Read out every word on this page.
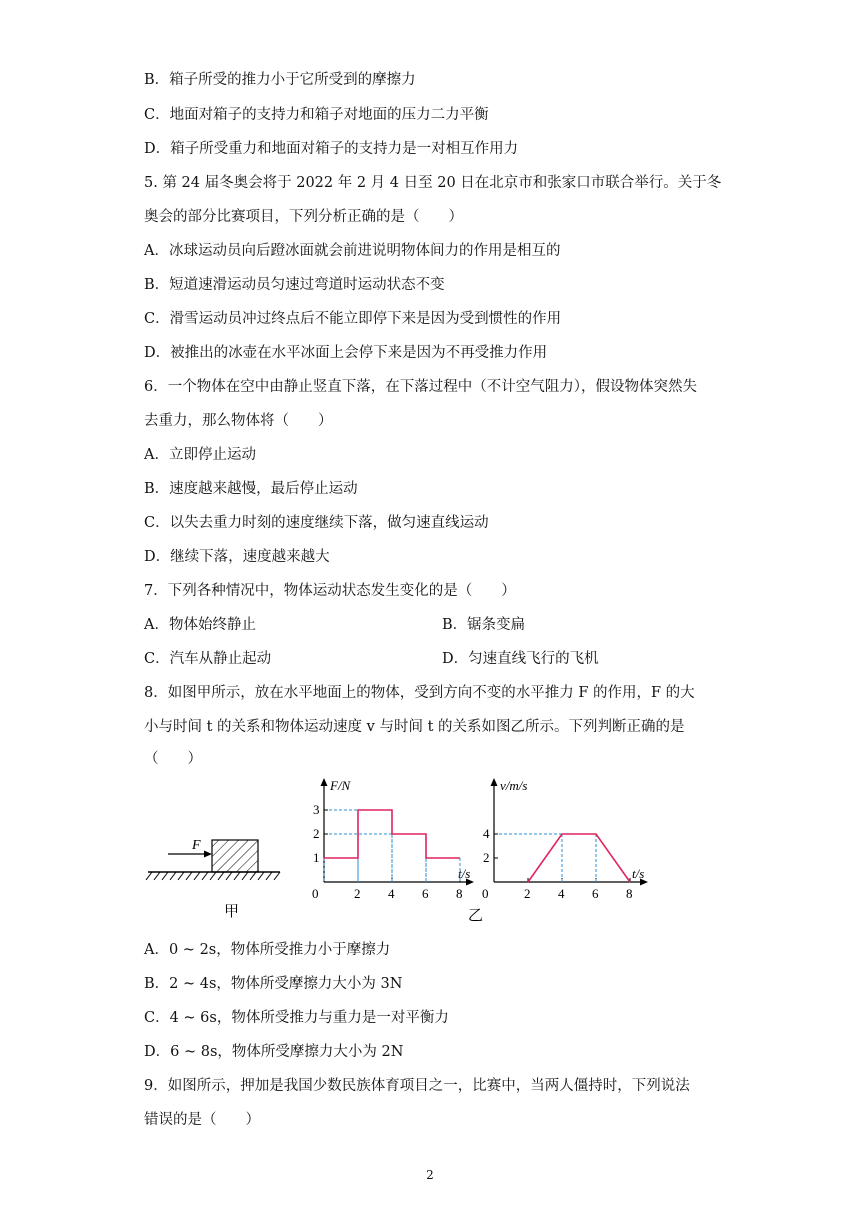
B．箱子所受的推力小于它所受到的摩擦力
C．地面对箱子的支持力和箱子对地面的压力二力平衡
D．箱子所受重力和地面对箱子的支持力是一对相互作用力
5. 第 24 届冬奥会将于 2022 年 2 月 4 日至 20 日在北京市和张家口市联合举行。关于冬
奥会的部分比赛项目，下列分析正确的是（　　）
A．冰球运动员向后蹬冰面就会前进说明物体间力的作用是相互的
B．短道速滑运动员匀速过弯道时运动状态不变
C．滑雪运动员冲过终点后不能立即停下来是因为受到惯性的作用
D．被推出的冰壶在水平冰面上会停下来是因为不再受推力作用
6．一个物体在空中由静止竖直下落，在下落过程中（不计空气阻力），假设物体突然失
去重力，那么物体将（　　）
A．立即停止运动
B．速度越来越慢，最后停止运动
C．以失去重力时刻的速度继续下落，做匀速直线运动
D．继续下落，速度越来越大
7．下列各种情况中，物体运动状态发生变化的是（　　）
A．物体始终静止	B．锯条变扁
C．汽车从静止起动	D．匀速直线飞行的飞机
8．如图甲所示，放在水平地面上的物体，受到方向不变的水平推力 F 的作用，F 的大
小与时间 t 的关系和物体运动速度 v 与时间 t 的关系如图乙所示。下列判断正确的是
（　　）
F
甲
F/N
t/s
0	2 4 6 8
1
2
3
v/m/s
t/s
0	2 4 6 8
2
4
乙
A．0 ~ 2s，物体所受推力小于摩擦力
B．2 ~ 4s，物体所受摩擦力大小为 3N
C．4 ~ 6s，物体所受推力与重力是一对平衡力
D．6 ~ 8s，物体所受摩擦力大小为 2N
9．如图所示，押加是我国少数民族体育项目之一，比赛中，当两人僵持时，下列说法
错误的是（　　）
2
